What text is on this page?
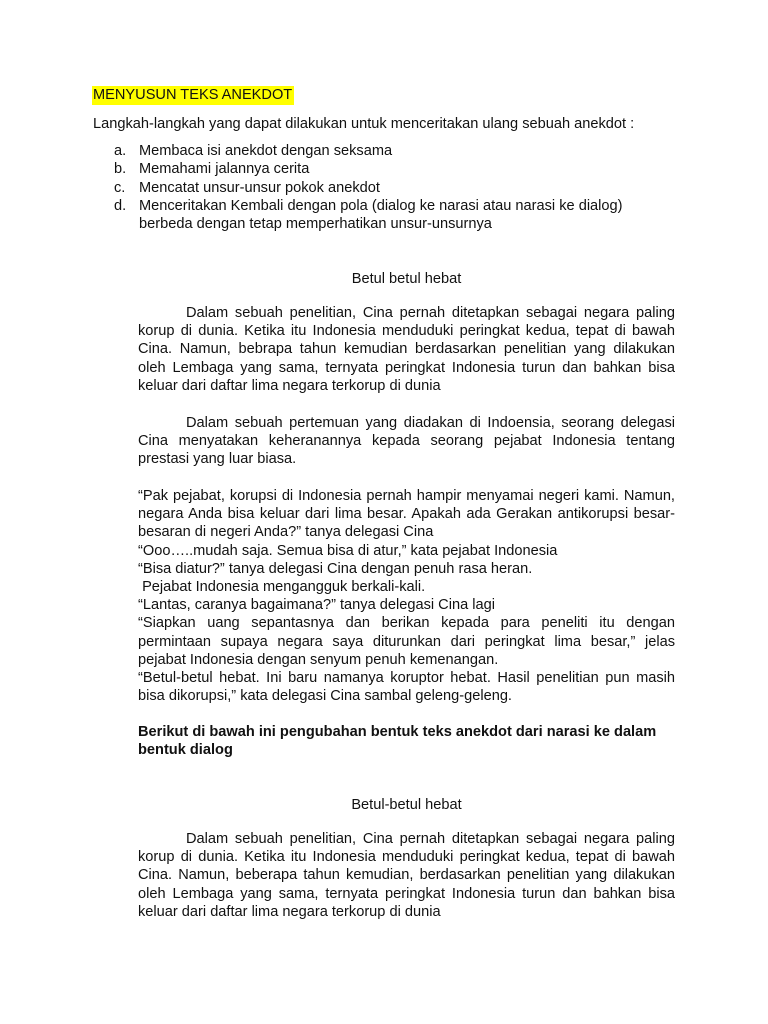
MENYUSUN TEKS ANEKDOT
Langkah-langkah yang dapat dilakukan untuk menceritakan ulang sebuah anekdot :
a. Membaca isi anekdot dengan seksama
b. Memahami jalannya cerita
c. Mencatat unsur-unsur pokok anekdot
d. Menceritakan Kembali dengan pola (dialog ke narasi atau narasi ke dialog) berbeda dengan tetap memperhatikan unsur-unsurnya
Betul betul hebat

Dalam sebuah penelitian, Cina pernah ditetapkan sebagai negara paling korup di dunia. Ketika itu Indonesia menduduki peringkat kedua, tepat di bawah Cina. Namun, bebrapa tahun kemudian berdasarkan penelitian yang dilakukan oleh Lembaga yang sama, ternyata peringkat Indonesia turun dan bahkan bisa keluar dari daftar lima negara terkorup di dunia

Dalam sebuah pertemuan yang diadakan di Indoensia, seorang delegasi Cina menyatakan keheranannya kepada seorang pejabat Indonesia tentang prestasi yang luar biasa.

“Pak pejabat, korupsi di Indonesia pernah hampir menyamai negeri kami. Namun, negara Anda bisa keluar dari lima besar. Apakah ada Gerakan antikorupsi besar-besaran di negeri Anda?” tanya delegasi Cina
“Ooo…..mudah saja. Semua bisa di atur,” kata pejabat Indonesia
“Bisa diatur?” tanya delegasi Cina dengan penuh rasa heran.
Pejabat Indonesia mengangguk berkali-kali.
“Lantas, caranya bagaimana?” tanya delegasi Cina lagi
“Siapkan uang sepantasnya dan berikan kepada para peneliti itu dengan permintaan supaya negara saya diturunkan dari peringkat lima besar,” jelas pejabat Indonesia dengan senyum penuh kemenangan.
“Betul-betul hebat. Ini baru namanya koruptor hebat. Hasil penelitian pun masih bisa dikorupsi,” kata delegasi Cina sambal geleng-geleng.

Berikut di bawah ini pengubahan bentuk teks anekdot dari narasi ke dalam bentuk dialog

Betul-betul hebat

Dalam sebuah penelitian, Cina pernah ditetapkan sebagai negara paling korup di dunia. Ketika itu Indonesia menduduki peringkat kedua, tepat di bawah Cina. Namun, beberapa tahun kemudian, berdasarkan penelitian yang dilakukan oleh Lembaga yang sama, ternyata peringkat Indonesia turun dan bahkan bisa keluar dari daftar lima negara terkorup di dunia
